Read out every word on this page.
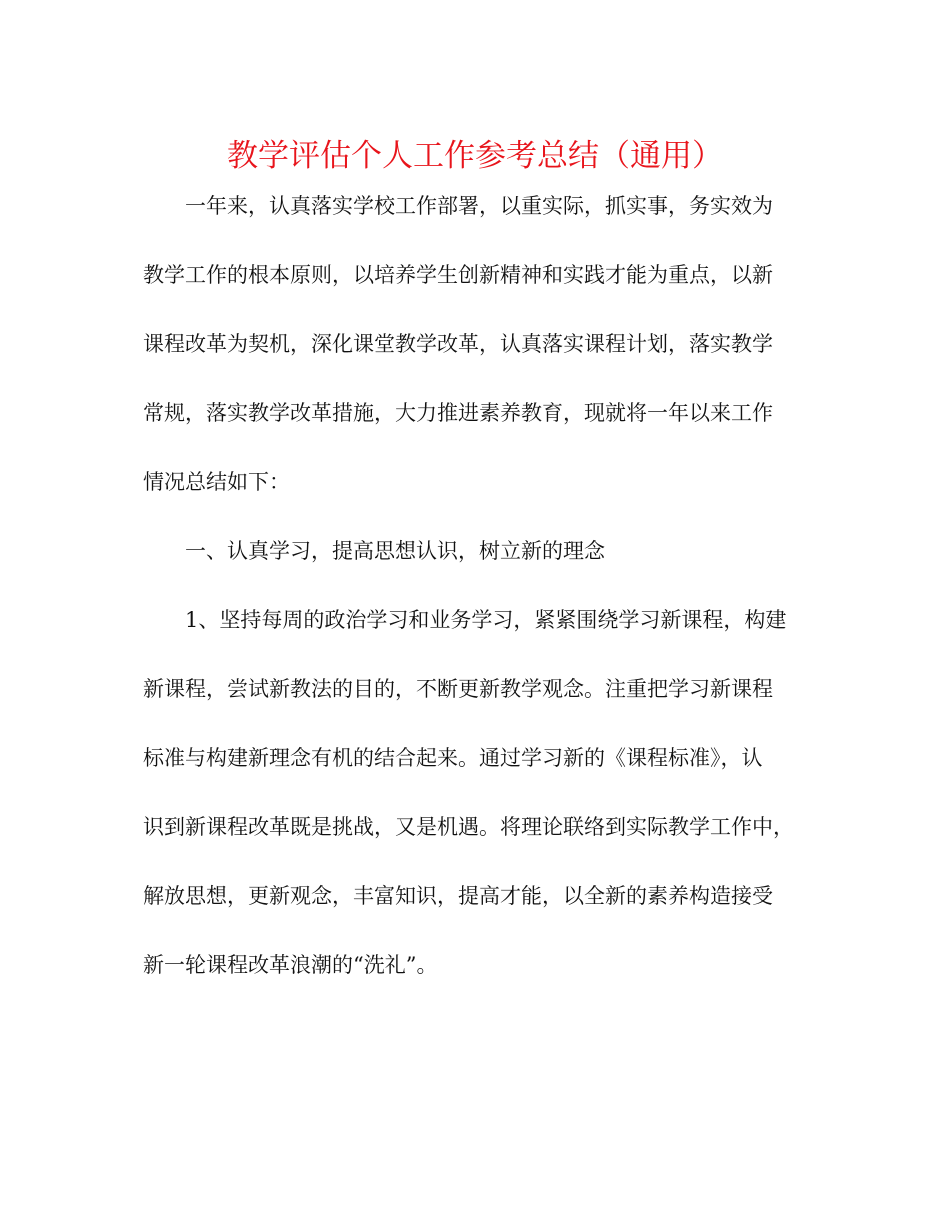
教学评估个人工作参考总结（通用）

一年来，认真落实学校工作部署，以重实际，抓实事，务实效为
教学工作的根本原则，以培养学生创新精神和实践才能为重点，以新
课程改革为契机，深化课堂教学改革，认真落实课程计划，落实教学
常规，落实教学改革措施，大力推进素养教育，现就将一年以来工作
情况总结如下：

一、认真学习，提高思想认识，树立新的理念

1、坚持每周的政治学习和业务学习，紧紧围绕学习新课程，构建
新课程，尝试新教法的目的，不断更新教学观念。注重把学习新课程
标准与构建新理念有机的结合起来。通过学习新的《课程标准》，认
识到新课程改革既是挑战，又是机遇。将理论联络到实际教学工作中，
解放思想，更新观念，丰富知识，提高才能，以全新的素养构造接受
新一轮课程改革浪潮的“洗礼”。
